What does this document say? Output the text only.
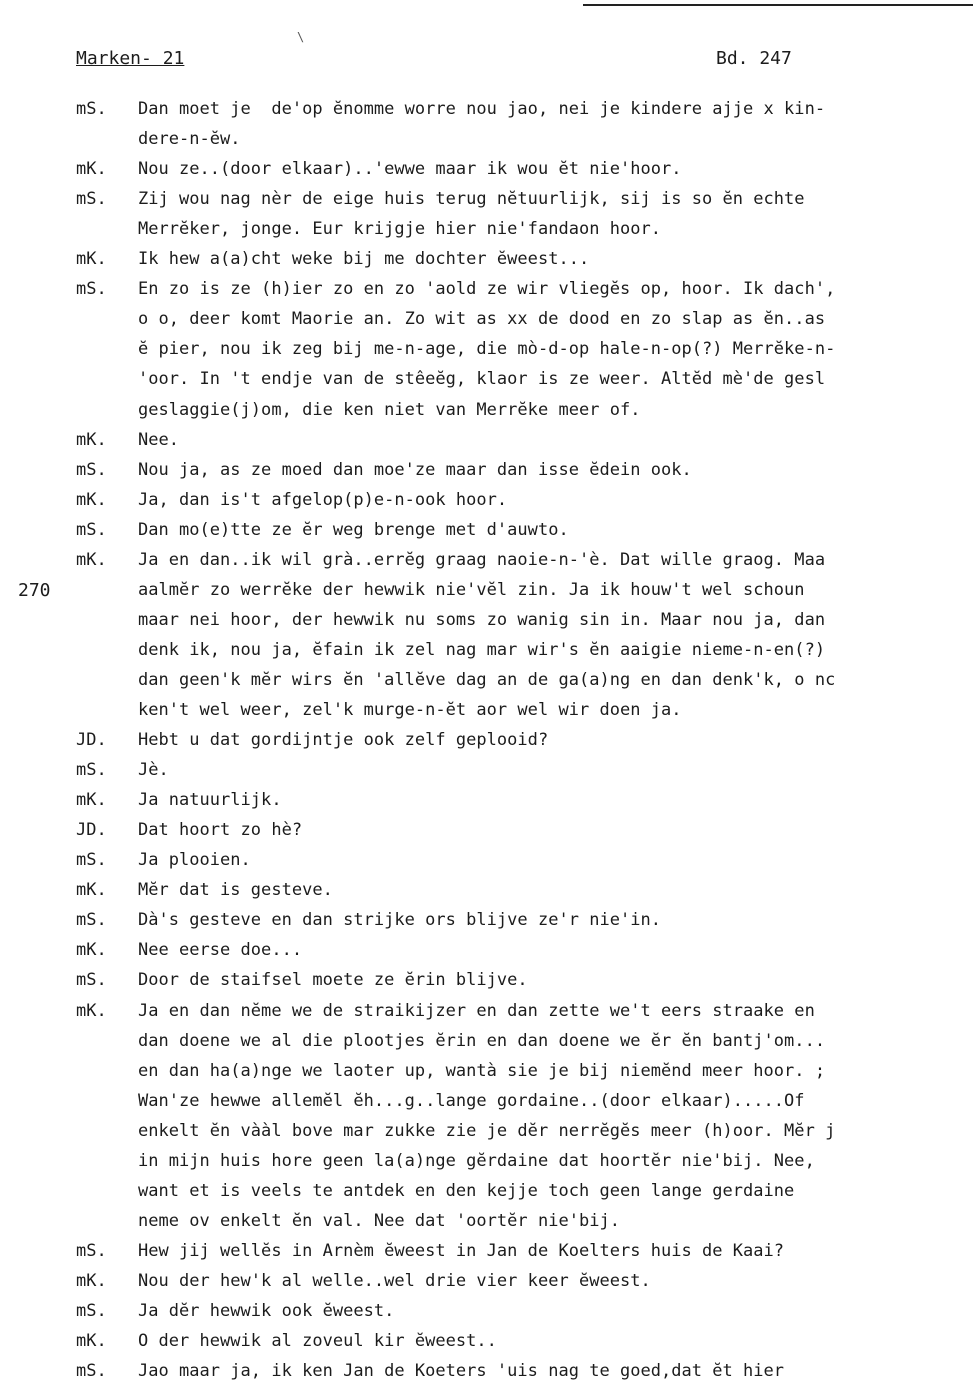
\
Marken- 21	Bd. 247
270
mS. Dan moet je  de'op ĕnomme worre nou jao, nei je kindere ajje x kin-
dere-n-ĕw.
mK. Nou ze..(door elkaar)..'ewwe maar ik wou ĕt nie'hoor.
mS. Zij wou nag nèr de eige huis terug nĕtuurlijk, sij is so ĕn echte
Merrĕker, jonge. Eur krijgje hier nie'fandaon hoor.
mK. Ik hew a(a)cht weke bij me dochter ĕweest...
mS. En zo is ze (h)ier zo en zo 'aold ze wir vliegĕs op, hoor. Ik dach',
o o, deer komt Maorie an. Zo wit as xx de dood en zo slap as ĕn..as
ĕ pier, nou ik zeg bij me-n-age, die mò-d-op hale-n-op(?) Merrĕke-n-
'oor. In 't endje van de stêeĕg, klaor is ze weer. Altĕd mè'de gesl
geslaggie(j)om, die ken niet van Merrĕke meer of.
mK. Nee.
mS. Nou ja, as ze moed dan moe'ze maar dan isse ĕdein ook.
mK. Ja, dan is't afgelop(p)e-n-ook hoor.
mS. Dan mo(e)tte ze ĕr weg brenge met d'auwto.
mK. Ja en dan..ik wil grà..errĕg graag naoie-n-'è. Dat wille graog. Maa
aalmĕr zo werrĕke der hewwik nie'vĕl zin. Ja ik houw't wel schoun
maar nei hoor, der hewwik nu soms zo wanig sin in. Maar nou ja, dan
denk ik, nou ja, ĕfain ik zel nag mar wir's ĕn aaigie nieme-n-en(?)
dan geen'k mĕr wirs ĕn 'allĕve dag an de ga(a)ng en dan denk'k, o nc
ken't wel weer, zel'k murge-n-ĕt aor wel wir doen ja.
JD. Hebt u dat gordijntje ook zelf geplooid?
mS. Jè.
mK. Ja natuurlijk.
JD. Dat hoort zo hè?
mS. Ja plooien.
mK. Mĕr dat is gesteve.
mS. Dà's gesteve en dan strijke ors blijve ze'r nie'in.
mK. Nee eerse doe...
mS. Door de staifsel moete ze ĕrin blijve.
mK. Ja en dan nĕme we de straikijzer en dan zette we't eers straake en
dan doene we al die plootjes ĕrin en dan doene we ĕr ĕn bantj'om...
en dan ha(a)nge we laoter up, wantà sie je bij niemĕnd meer hoor. ;
Wan'ze hewwe allemĕl ĕh...g..lange gordaine..(door elkaar).....Of
enkelt ĕn vààl bove mar zukke zie je dĕr nerrĕgĕs meer (h)oor. Mĕr j
in mijn huis hore geen la(a)nge gĕrdaine dat hoortĕr nie'bij. Nee,
want et is veels te antdek en den kejje toch geen lange gerdaine
neme ov enkelt ĕn val. Nee dat 'oortĕr nie'bij.
mS. Hew jij wellĕs in Arnèm ĕweest in Jan de Koelters huis de Kaai?
mK. Nou der hew'k al welle..wel drie vier keer ĕweest.
mS. Ja dĕr hewwik ook ĕweest.
mK. O der hewwik al zoveul kir ĕweest..
mS. Jao maar ja, ik ken Jan de Koeters 'uis nag te goed,dat ĕt hier
